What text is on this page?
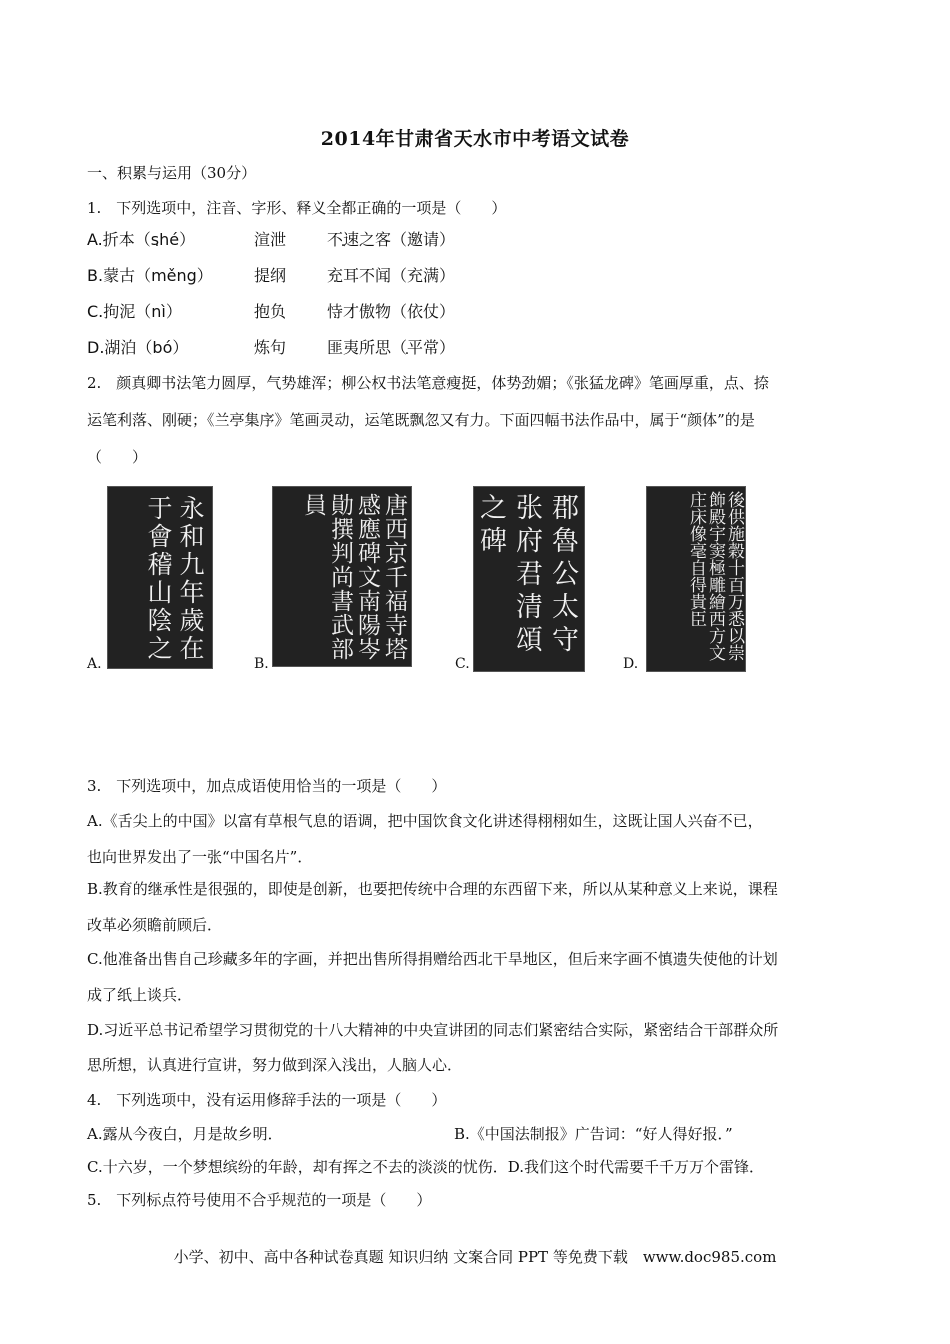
2014年甘肃省天水市中考语文试卷
一、积累与运用（30分）
1.　下列选项中，注音、字形、释义全都正确的一项是（　　）
A.折本（shé） ·	渲泄	不速之客（邀请）
B.蒙古（měng）	提纲	充耳不闻（充满）
C.拘泥（nì）	抱负	恃才傲物（依仗）
D.湖泊（bó）	炼句	匪夷所思（平常） ·
2.　颜真卿书法笔力圆厚，气势雄浑；柳公权书法笔意瘦挺，体势劲媚；《张猛龙碑》笔画厚重，点、捺
运笔利落、刚硬；《兰亭集序》笔画灵动，运笔既飘忽又有力。下面四幅书法作品中，属于“颜体”的是
（　　）
永和九年歲在于會稽山陰之
A.
唐西京千福寺塔感應碑文南陽岑勛撰判尚書武部員
B.
郡魯公太守张府君清頌之碑
C.
後供施穀十百万悉以崇飾殿宇窦極雕繪西方文庄床像毫自得貴臣
D.
3.　下列选项中，加点成语使用恰当的一项是（　　）
A.《舌尖上的中国》以富有草根气息的语调，把中国饮食文化讲述得栩栩如生，这既让国人兴奋不已，
也向世界发出了一张“中国名片”．
B.教育的继承性是很强的，即使是创新，也要把传统中合理的东西留下来，所以从某种意义上来说，课程
改革必须瞻前顾后．
C.他准备出售自己珍藏多年的字画，并把出售所得捐赠给西北干旱地区，但后来字画不慎遗失使他的计划
成了纸上谈兵．
D.习近平总书记希望学习贯彻党的十八大精神的中央宣讲团的同志们紧密结合实际，紧密结合干部群众所
思所想，认真进行宣讲，努力做到深入浅出，人脑人心．
4.　下列选项中，没有运用修辞手法的一项是（　　）
A.露从今夜白，月是故乡明．	B.《中国法制报》广告词：“好人得好报．”
C.十六岁，一个梦想缤纷的年龄，却有挥之不去的淡淡的忧伤．D.我们这个时代需要千千万万个雷锋．
5.　下列标点符号使用不合乎规范的一项是（　　）
小学、初中、高中各种试卷真题 知识归纳 文案合同 PPT 等免费下载　www.doc985.com
